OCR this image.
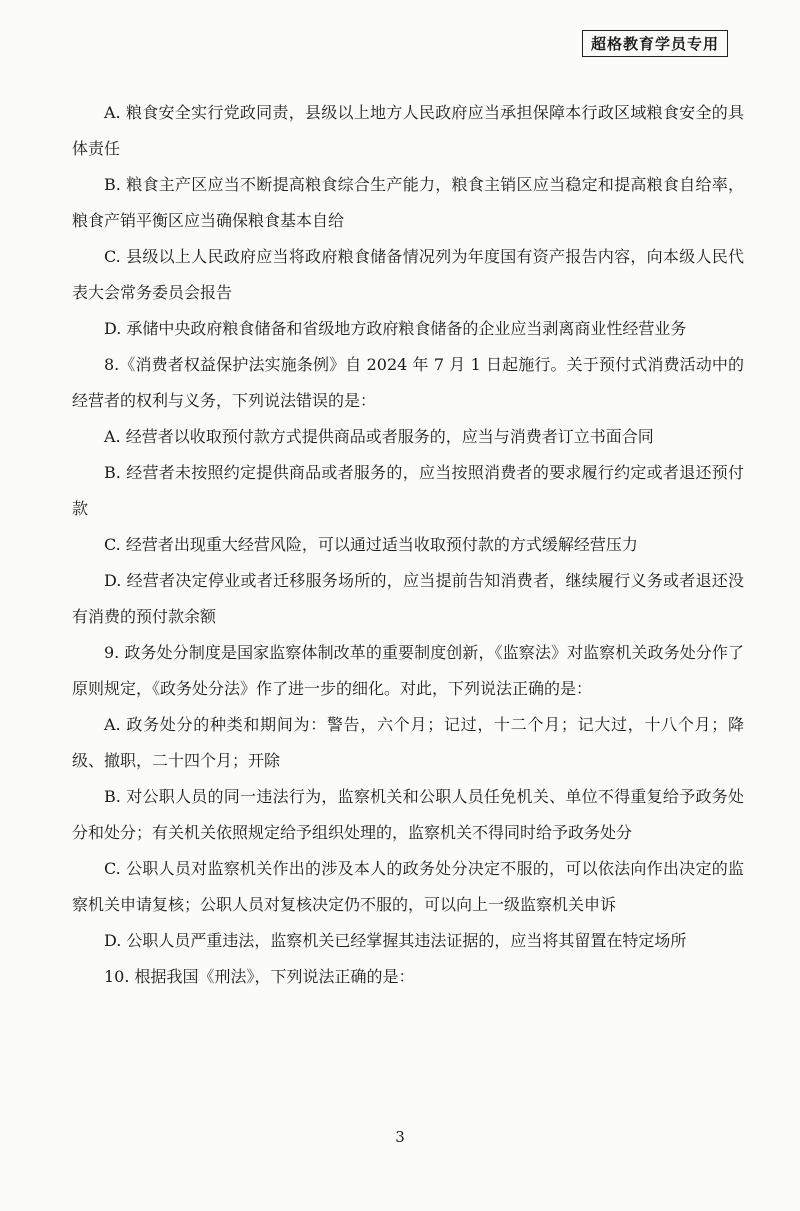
超格教育学员专用

A. 粮食安全实行党政同责，县级以上地方人民政府应当承担保障本行政区域粮食安全的具体责任

B. 粮食主产区应当不断提高粮食综合生产能力，粮食主销区应当稳定和提高粮食自给率，粮食产销平衡区应当确保粮食基本自给

C. 县级以上人民政府应当将政府粮食储备情况列为年度国有资产报告内容，向本级人民代表大会常务委员会报告

D. 承储中央政府粮食储备和省级地方政府粮食储备的企业应当剥离商业性经营业务

8.《消费者权益保护法实施条例》自 2024 年 7 月 1 日起施行。关于预付式消费活动中的经营者的权利与义务，下列说法错误的是：

A. 经营者以收取预付款方式提供商品或者服务的，应当与消费者订立书面合同

B. 经营者未按照约定提供商品或者服务的，应当按照消费者的要求履行约定或者退还预付款

C. 经营者出现重大经营风险，可以通过适当收取预付款的方式缓解经营压力

D. 经营者决定停业或者迁移服务场所的，应当提前告知消费者，继续履行义务或者退还没有消费的预付款余额

9. 政务处分制度是国家监察体制改革的重要制度创新，《监察法》对监察机关政务处分作了原则规定，《政务处分法》作了进一步的细化。对此，下列说法正确的是：

A. 政务处分的种类和期间为：警告，六个月；记过，十二个月；记大过，十八个月；降级、撤职，二十四个月；开除

B. 对公职人员的同一违法行为，监察机关和公职人员任免机关、单位不得重复给予政务处分和处分；有关机关依照规定给予组织处理的，监察机关不得同时给予政务处分

C. 公职人员对监察机关作出的涉及本人的政务处分决定不服的，可以依法向作出决定的监察机关申请复核；公职人员对复核决定仍不服的，可以向上一级监察机关申诉

D. 公职人员严重违法，监察机关已经掌握其违法证据的，应当将其留置在特定场所

10. 根据我国《刑法》，下列说法正确的是：

3
